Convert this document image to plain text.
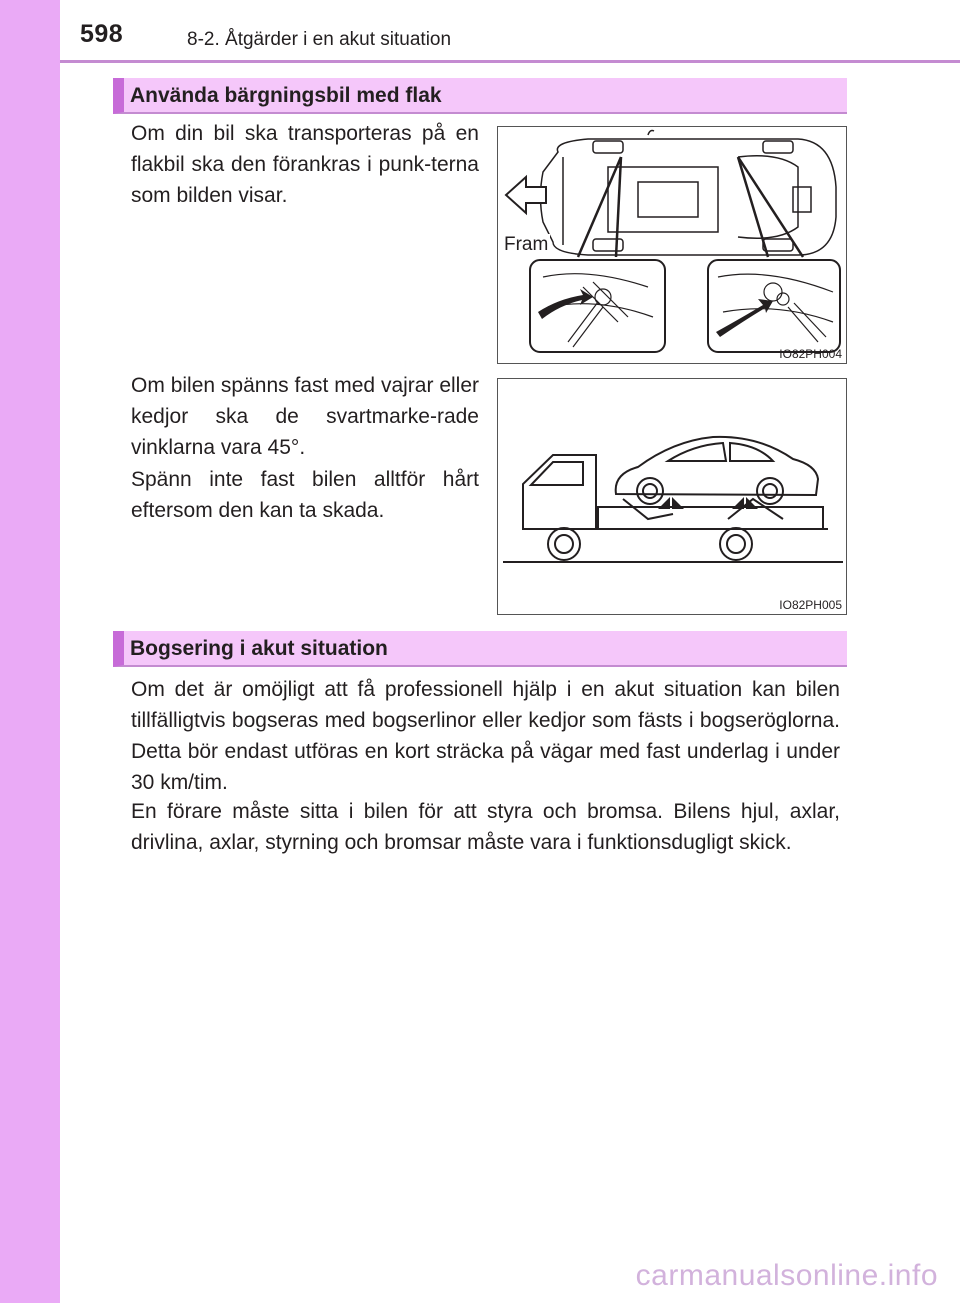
598	8-2. Åtgärder i en akut situation
Använda bärgningsbil med flak

Om din bil ska transporteras på en flakbil ska den förankras i punk-terna som bilden visar.

Om bilen spänns fast med vajrar eller kedjor ska de svartmarke-rade vinklarna vara 45°.

Spänn inte fast bilen alltför hårt eftersom den kan ta skada.

Fram
IO82PH004
IO82PH005
Bogsering i akut situation

Om det är omöjligt att få professionell hjälp i en akut situation kan bilen tillfälligtvis bogseras med bogserlinor eller kedjor som fästs i bogseröglorna. Detta bör endast utföras en kort sträcka på vägar med fast underlag i under 30 km/tim.

En förare måste sitta i bilen för att styra och bromsa. Bilens hjul, axlar, drivlina, axlar, styrning och bromsar måste vara i funktionsdugligt skick.

carmanualsonline.info
